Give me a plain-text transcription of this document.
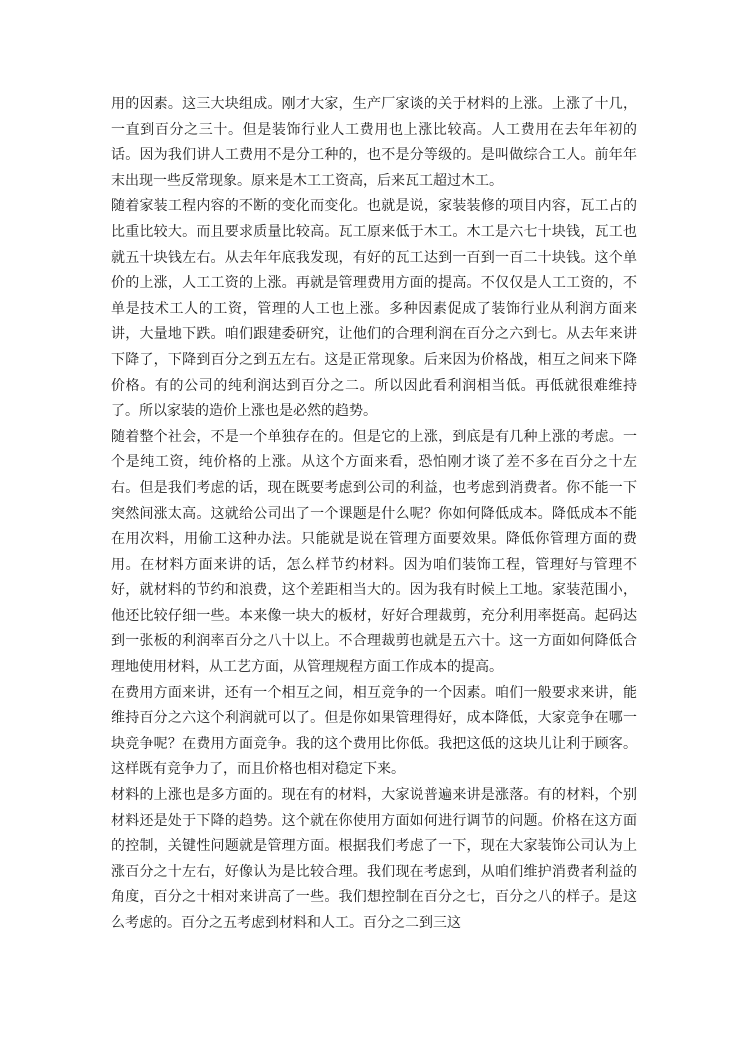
用的因素。这三大块组成。刚才大家，生产厂家谈的关于材料的上涨。上涨了十几，一直到百分之三十。但是装饰行业人工费用也上涨比较高。人工费用在去年年初的话。因为我们讲人工费用不是分工种的，也不是分等级的。是叫做综合工人。前年年末出现一些反常现象。原来是木工工资高，后来瓦工超过木工。

随着家装工程内容的不断的变化而变化。也就是说，家装装修的项目内容，瓦工占的比重比较大。而且要求质量比较高。瓦工原来低于木工。木工是六七十块钱，瓦工也就五十块钱左右。从去年年底我发现，有好的瓦工达到一百到一百二十块钱。这个单价的上涨，人工工资的上涨。再就是管理费用方面的提高。不仅仅是人工工资的，不单是技术工人的工资，管理的人工也上涨。多种因素促成了装饰行业从利润方面来讲，大量地下跌。咱们跟建委研究，让他们的合理利润在百分之六到七。从去年来讲下降了，下降到百分之到五左右。这是正常现象。后来因为价格战，相互之间来下降价格。有的公司的纯利润达到百分之二。所以因此看利润相当低。再低就很难维持了。所以家装的造价上涨也是必然的趋势。

随着整个社会，不是一个单独存在的。但是它的上涨，到底是有几种上涨的考虑。一个是纯工资，纯价格的上涨。从这个方面来看，恐怕刚才谈了差不多在百分之十左右。但是我们考虑的话，现在既要考虑到公司的利益，也考虑到消费者。你不能一下突然间涨太高。这就给公司出了一个课题是什么呢？你如何降低成本。降低成本不能在用次料，用偷工这种办法。只能就是说在管理方面要效果。降低你管理方面的费用。在材料方面来讲的话，怎么样节约材料。因为咱们装饰工程，管理好与管理不好，就材料的节约和浪费，这个差距相当大的。因为我有时候上工地。家装范围小，他还比较仔细一些。本来像一块大的板材，好好合理裁剪，充分利用率挺高。起码达到一张板的利润率百分之八十以上。不合理裁剪也就是五六十。这一方面如何降低合理地使用材料，从工艺方面，从管理规程方面工作成本的提高。

在费用方面来讲，还有一个相互之间，相互竞争的一个因素。咱们一般要求来讲，能维持百分之六这个利润就可以了。但是你如果管理得好，成本降低，大家竞争在哪一块竞争呢？在费用方面竞争。我的这个费用比你低。我把这低的这块儿让利于顾客。这样既有竞争力了，而且价格也相对稳定下来。

材料的上涨也是多方面的。现在有的材料，大家说普遍来讲是涨落。有的材料，个别材料还是处于下降的趋势。这个就在你使用方面如何进行调节的问题。价格在这方面的控制，关键性问题就是管理方面。根据我们考虑了一下，现在大家装饰公司认为上涨百分之十左右，好像认为是比较合理。我们现在考虑到，从咱们维护消费者利益的角度，百分之十相对来讲高了一些。我们想控制在百分之七，百分之八的样子。是这么考虑的。百分之五考虑到材料和人工。百分之二到三这
